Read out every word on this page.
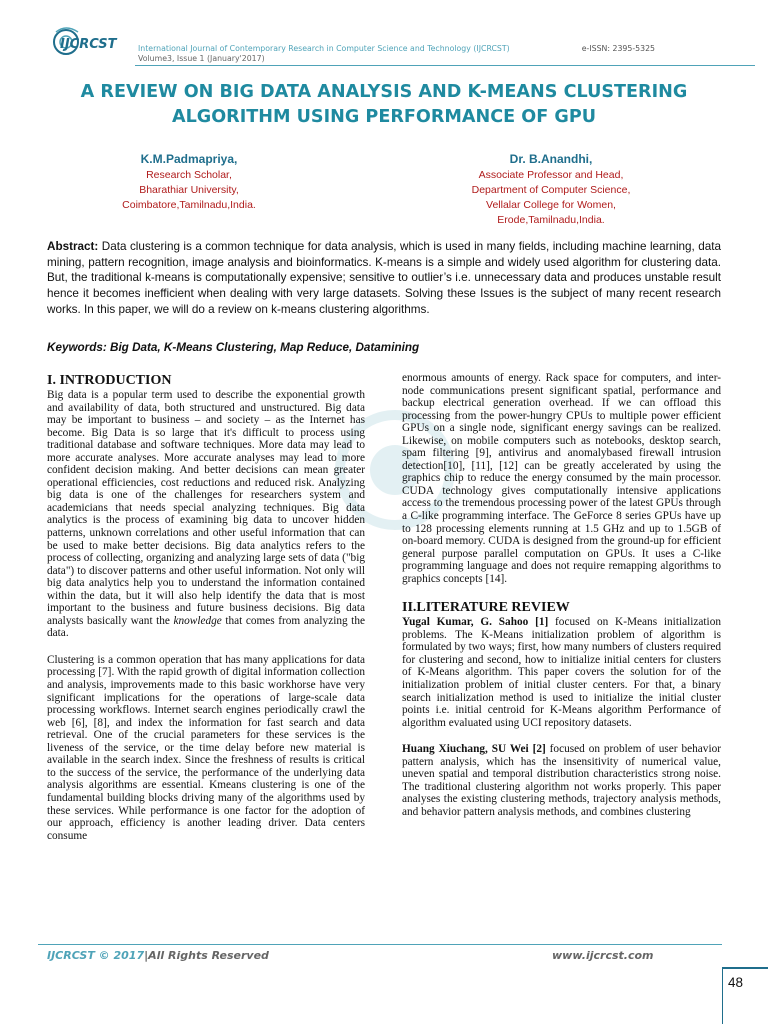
IJCRCST	International Journal of Contemporary Research in Computer Science and Technology (IJCRCST)	e-ISSN: 2395-5325
Volume3, Issue 1 (January'2017)
A REVIEW ON BIG DATA ANALYSIS AND K-MEANS CLUSTERING ALGORITHM USING PERFORMANCE OF GPU
K.M.Padmapriya,
Research Scholar,
Bharathiar University,
Coimbatore,Tamilnadu,India.
Dr. B.Anandhi,
Associate Professor and Head,
Department of Computer Science,
Vellalar College for Women,
Erode,Tamilnadu,India.

Abstract: Data clustering is a common technique for data analysis, which is used in many fields, including machine learning, data mining, pattern recognition, image analysis and bioinformatics. K-means is a simple and widely used algorithm for clustering data. But, the traditional k-means is computationally expensive; sensitive to outlier’s i.e. unnecessary data and produces unstable result hence it becomes inefficient when dealing with very large datasets. Solving these Issues is the subject of many recent research works. In this paper, we will do a review on k-means clustering algorithms.

Keywords: Big Data, K-Means Clustering, Map Reduce, Datamining

I. INTRODUCTION

Big data is a popular term used to describe the exponential growth and availability of data, both structured and unstructured. Big data may be important to business – and society – as the Internet has become. Big Data is so large that it's difficult to process using traditional database and software techniques. More data may lead to more accurate analyses. More accurate analyses may lead to more confident decision making. And better decisions can mean greater operational efficiencies, cost reductions and reduced risk. Analyzing big data is one of the challenges for researchers system and academicians that needs special analyzing techniques. Big data analytics is the process of examining big data to uncover hidden patterns, unknown correlations and other useful information that can be used to make better decisions. Big data analytics refers to the process of collecting, organizing and analyzing large sets of data ("big data") to discover patterns and other useful information. Not only will big data analytics help you to understand the information contained within the data, but it will also help identify the data that is most important to the business and future business decisions. Big data analysts basically want the knowledge that comes from analyzing the data.

Clustering is a common operation that has many applications for data processing [7]. With the rapid growth of digital information collection and analysis, improvements made to this basic workhorse have very significant implications for the operations of large-scale data processing workflows. Internet search engines periodically crawl the web [6], [8], and index the information for fast search and data retrieval. One of the crucial parameters for these services is the liveness of the service, or the time delay before new material is available in the search index. Since the freshness of results is critical to the success of the service, the performance of the underlying data analysis algorithms are essential. Kmeans clustering is one of the fundamental building blocks driving many of the algorithms used by these services. While performance is one factor for the adoption of our approach, efficiency is another leading driver. Data centers consume

enormous amounts of energy. Rack space for computers, and inter-node communications present significant spatial, performance and backup electrical generation overhead. If we can offload this processing from the power-hungry CPUs to multiple power efficient GPUs on a single node, significant energy savings can be realized. Likewise, on mobile computers such as notebooks, desktop search, spam filtering [9], antivirus and anomalybased firewall intrusion detection[10], [11], [12] can be greatly accelerated by using the graphics chip to reduce the energy consumed by the main processor. CUDA technology gives computationally intensive applications access to the tremendous processing power of the latest GPUs through a C-like programming interface. The GeForce 8 series GPUs have up to 128 processing elements running at 1.5 GHz and up to 1.5GB of on-board memory. CUDA is designed from the ground-up for efficient general purpose parallel computation on GPUs. It uses a C-like programming language and does not require remapping algorithms to graphics concepts [14].

II.LITERATURE REVIEW

Yugal Kumar, G. Sahoo [1] focused on K-Means initialization problems. The K-Means initialization problem of algorithm is formulated by two ways; first, how many numbers of clusters required for clustering and second, how to initialize initial centers for clusters of K-Means algorithm. This paper covers the solution for of the initialization problem of initial cluster centers. For that, a binary search initialization method is used to initialize the initial cluster points i.e. initial centroid for K-Means algorithm Performance of algorithm evaluated using UCI repository datasets.

Huang Xiuchang, SU Wei [2] focused on problem of user behavior pattern analysis, which has the insensitivity of numerical value, uneven spatial and temporal distribution characteristics strong noise. The traditional clustering algorithm not works properly. This paper analyses the existing clustering methods, trajectory analysis methods, and behavior pattern analysis methods, and combines clustering

IJCRCST © 2017|All Rights Reserved	www.ijcrcst.com
48
